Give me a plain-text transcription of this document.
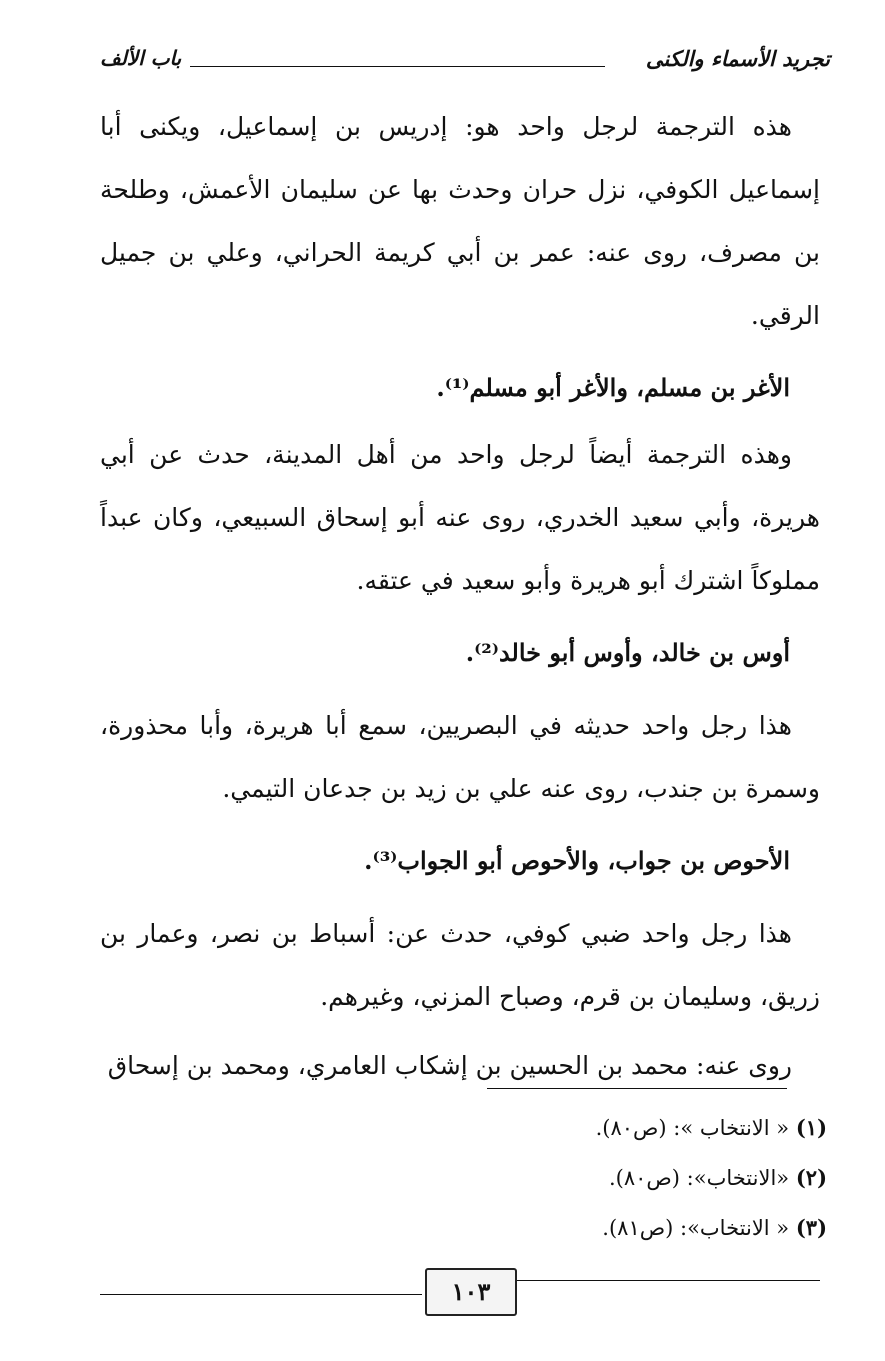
تجريد الأسماء والكنى
باب الألف

هذه الترجمة لرجل واحد هو: إدريس بن إسماعيل، ويكنى أبا إسماعيل الكوفي، نزل حران وحدث بها عن سليمان الأعمش، وطلحة بن مصرف، روى عنه: عمر بن أبي كريمة الحراني، وعلي بن جميل الرقي.

الأغر بن مسلم، والأغر أبو مسلم⁽¹⁾.

وهذه الترجمة أيضاً لرجل واحد من أهل المدينة، حدث عن أبي هريرة، وأبي سعيد الخدري، روى عنه أبو إسحاق السبيعي، وكان عبداً مملوكاً اشترك أبو هريرة وأبو سعيد في عتقه.

أوس بن خالد، وأوس أبو خالد⁽²⁾.

هذا رجل واحد حديثه في البصريين، سمع أبا هريرة، وأبا محذورة، وسمرة بن جندب، روى عنه علي بن زيد بن جدعان التيمي.

الأحوص بن جواب، والأحوص أبو الجواب⁽³⁾.

هذا رجل واحد ضبي كوفي، حدث عن: أسباط بن نصر، وعمار بن زريق، وسليمان بن قرم، وصباح المزني، وغيرهم.

روى عنه: محمد بن الحسين بن إشكاب العامري، ومحمد بن إسحاق

(١) « الانتخاب »: (ص٨٠).
(٢) «الانتخاب»: (ص٨٠).
(٣) « الانتخاب»: (ص٨١).
١٠٣
